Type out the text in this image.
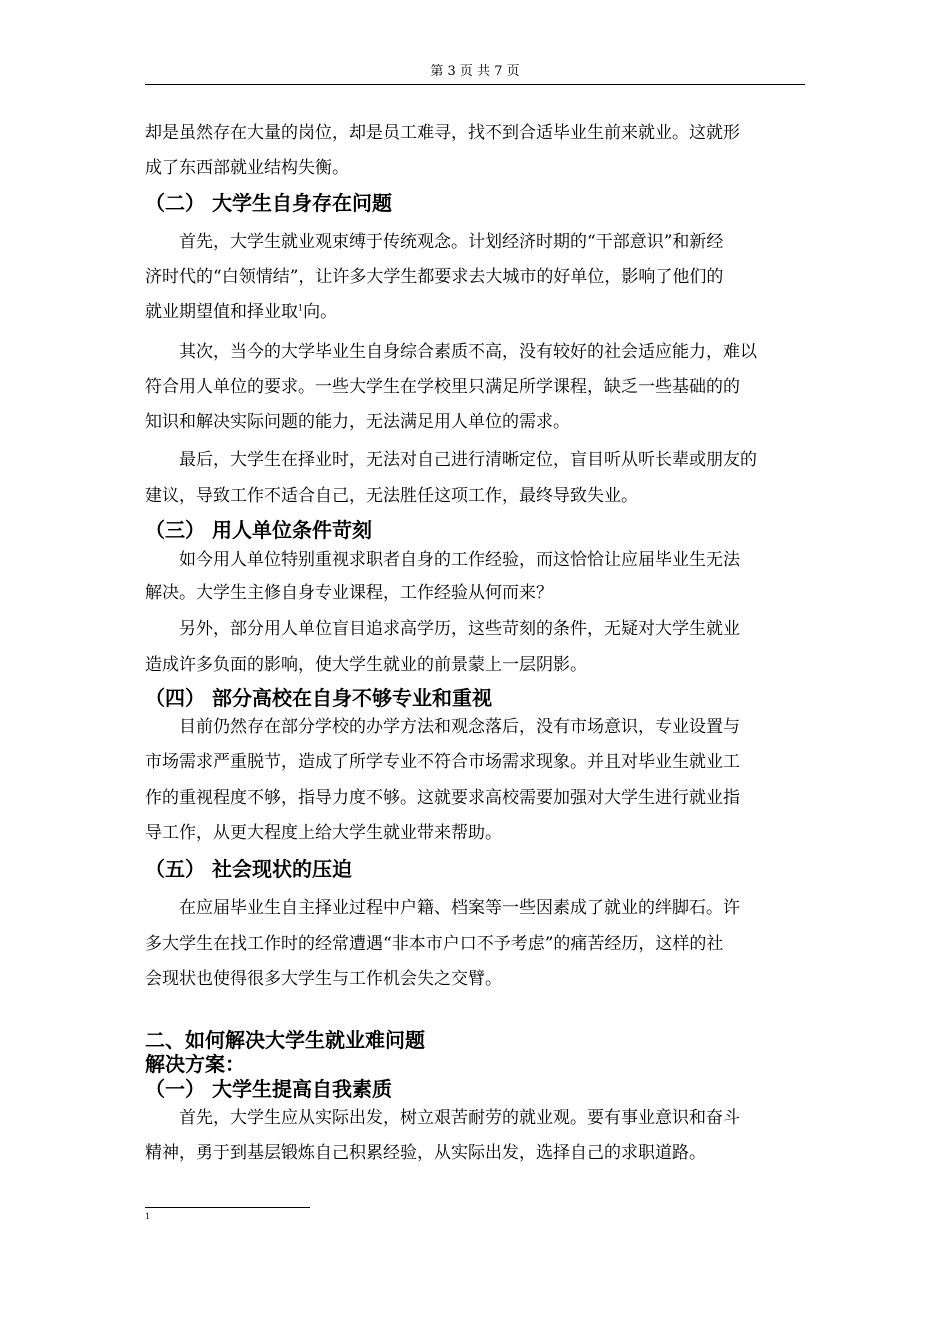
第 3 页 共 7 页

却是虽然存在大量的岗位，却是员工难寻，找不到合适毕业生前来就业。这就形

成了东西部就业结构失衡。

（二） 大学生自身存在问题

首先，大学生就业观束缚于传统观念。计划经济时期的“干部意识”和新经

济时代的“白领情结”，让许多大学生都要求去大城市的好单位，影响了他们的

就业期望值和择业取$^1$向。

其次，当今的大学毕业生自身综合素质不高，没有较好的社会适应能力，难以

符合用人单位的要求。一些大学生在学校里只满足所学课程，缺乏一些基础的的

知识和解决实际问题的能力，无法满足用人单位的需求。

最后，大学生在择业时，无法对自己进行清晰定位，盲目听从听长辈或朋友的

建议，导致工作不适合自己，无法胜任这项工作，最终导致失业。

（三） 用人单位条件苛刻

如今用人单位特别重视求职者自身的工作经验，而这恰恰让应届毕业生无法

解决。大学生主修自身专业课程，工作经验从何而来？

另外，部分用人单位盲目追求高学历，这些苛刻的条件，无疑对大学生就业

造成许多负面的影响，使大学生就业的前景蒙上一层阴影。

（四） 部分高校在自身不够专业和重视

目前仍然存在部分学校的办学方法和观念落后，没有市场意识，专业设置与

市场需求严重脱节，造成了所学专业不符合市场需求现象。并且对毕业生就业工

作的重视程度不够，指导力度不够。这就要求高校需要加强对大学生进行就业指

导工作，从更大程度上给大学生就业带来帮助。

（五） 社会现状的压迫

在应届毕业生自主择业过程中户籍、档案等一些因素成了就业的绊脚石。许

多大学生在找工作时的经常遭遇“非本市户口不予考虑”的痛苦经历，这样的社

会现状也使得很多大学生与工作机会失之交臂。

二、如何解决大学生就业难问题
解决方案：
（一） 大学生提高自我素质

首先，大学生应从实际出发，树立艰苦耐劳的就业观。要有事业意识和奋斗

精神，勇于到基层锻炼自己积累经验，从实际出发，选择自己的求职道路。

1
